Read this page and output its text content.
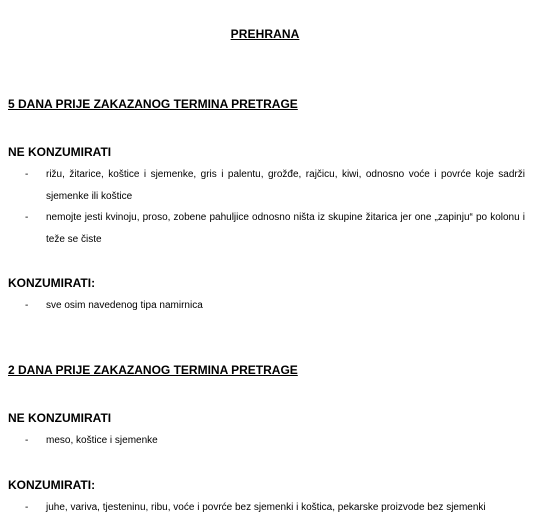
PREHRANA
5 DANA PRIJE ZAKAZANOG TERMINA PRETRAGE
NE KONZUMIRATI
- rižu, žitarice, koštice i sjemenke, gris i palentu, grožđe, rajčicu, kiwi, odnosno voće i povrće koje sadrži sjemenke ili koštice
- nemojte jesti kvinoju, proso, zobene pahuljice odnosno ništa iz skupine žitarica jer one „zapinju“ po kolonu i teže se čiste
KONZUMIRATI:
- sve osim navedenog tipa namirnica
2 DANA PRIJE ZAKAZANOG TERMINA PRETRAGE
NE KONZUMIRATI
- meso, koštice i sjemenke
KONZUMIRATI:
- juhe, variva, tjesteninu, ribu, voće i povrće bez sjemenki i koštica, pekarske proizvode bez sjemenki
